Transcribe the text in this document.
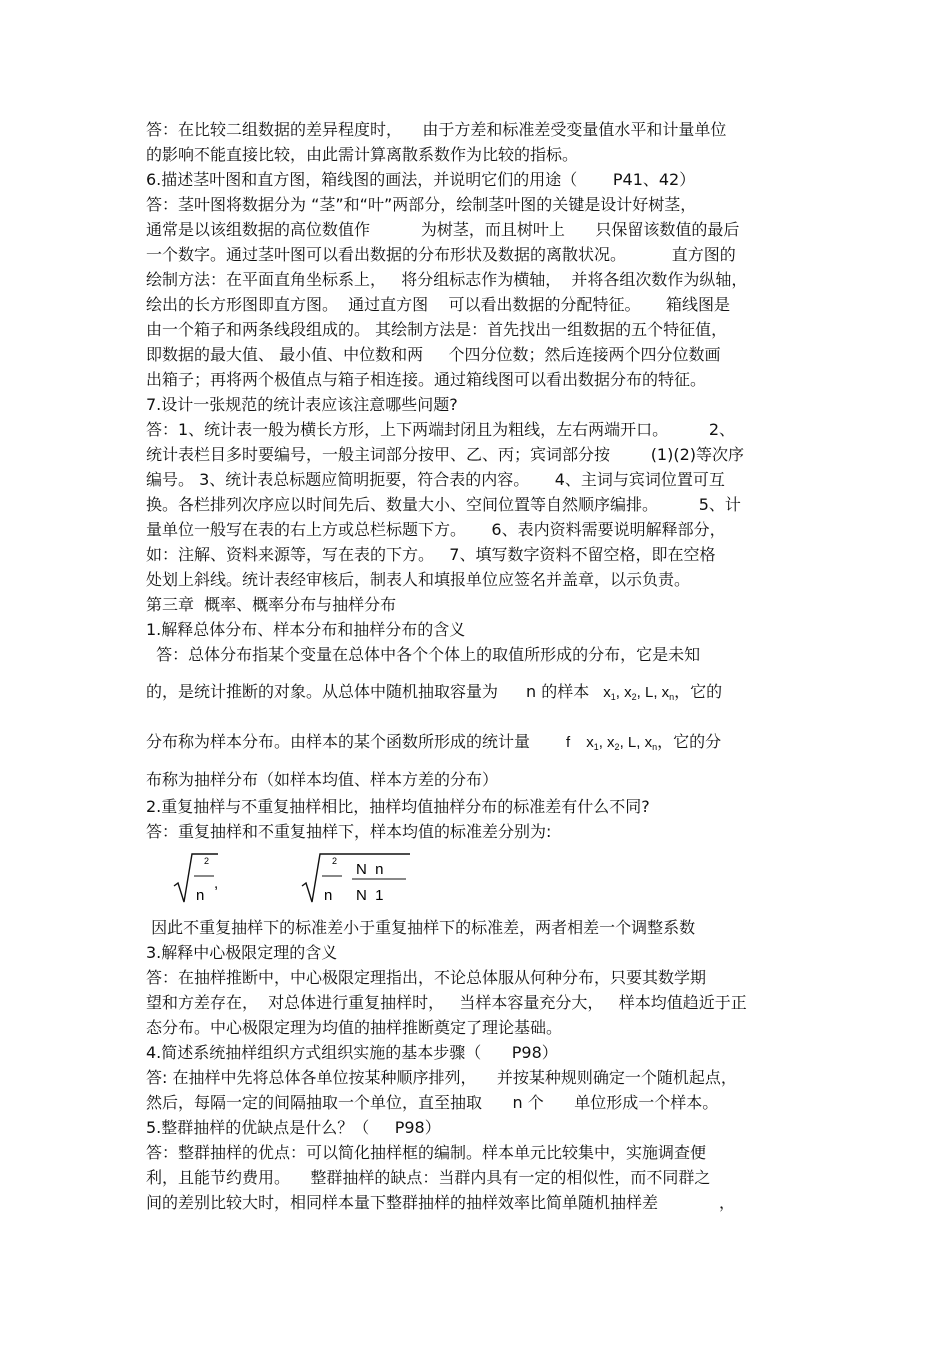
答：在比较二组数据的差异程度时，    由于方差和标准差受变量值水平和计量单位
的影响不能直接比较，由此需计算离散系数作为比较的指标。
6.描述茎叶图和直方图，箱线图的画法，并说明它们的用途（       P41、42）
答：茎叶图将数据分为 “茎”和“叶”两部分，绘制茎叶图的关键是设计好树茎，
通常是以该组数据的高位数值作          为树茎，而且树叶上      只保留该数值的最后
一个数字。通过茎叶图可以看出数据的分布形状及数据的离散状况。         直方图的
绘制方法：在平面直角坐标系上，   将分组标志作为横轴，  并将各组次数作为纵轴，
绘出的长方形图即直方图。  通过直方图    可以看出数据的分配特征。     箱线图是
由一个箱子和两条线段组成的。 其绘制方法是：首先找出一组数据的五个特征值，
即数据的最大值、 最小值、中位数和两     个四分位数；然后连接两个四分位数画
出箱子；再将两个极值点与箱子相连接。通过箱线图可以看出数据分布的特征。
7.设计一张规范的统计表应该注意哪些问题?
答：1、统计表一般为横长方形，上下两端封闭且为粗线，左右两端开口。        2、
统计表栏目多时要编号，一般主词部分按甲、乙、丙；宾词部分按        (1)(2)等次序
编号。 3、统计表总标题应简明扼要，符合表的内容。     4、主词与宾词位置可互
换。各栏排列次序应以时间先后、数量大小、空间位置等自然顺序编排。        5、计
量单位一般写在表的右上方或总栏标题下方。     6、表内资料需要说明解释部分，
如：注解、资料来源等，写在表的下方。   7、填写数字资料不留空格，即在空格
处划上斜线。统计表经审核后，制表人和填报单位应签名并盖章，以示负责。
第三章  概率、概率分布与抽样分布
1.解释总体分布、样本分布和抽样分布的含义
答：总体分布指某个变量在总体中各个个体上的取值所形成的分布，它是未知
的，是统计推断的对象。从总体中随机抽取容量为 n 的样本 $x_1$, $x_2$, L, $x_n$，它的
分布称为样本分布。由样本的某个函数所形成的统计量 f $x_1$, $x_2$, L, $x_n$，它的分
布称为抽样分布（如样本均值、样本方差的分布）
2.重复抽样与不重复抽样相比，抽样均值抽样分布的标准差有什么不同?
答：重复抽样和不重复抽样下，样本均值的标准差分别为:
2
n
,
2
n
N  n
N  1
因此不重复抽样下的标准差小于重复抽样下的标准差，两者相差一个调整系数
3.解释中心极限定理的含义
答：在抽样推断中，中心极限定理指出，不论总体服从何种分布，只要其数学期
望和方差存在，  对总体进行重复抽样时，   当样本容量充分大，   样本均值趋近于正
态分布。中心极限定理为均值的抽样推断奠定了理论基础。
4.简述系统抽样组织方式组织实施的基本步骤（      P98）
答: 在抽样中先将总体各单位按某种顺序排列，    并按某种规则确定一个随机起点，
然后，每隔一定的间隔抽取一个单位，直至抽取      n 个      单位形成一个样本。
5.整群抽样的优缺点是什么？（     P98）
答：整群抽样的优点：可以简化抽样框的编制。样本单元比较集中，实施调查便
利，且能节约费用。    整群抽样的缺点：当群内具有一定的相似性，而不同群之
间的差别比较大时，相同样本量下整群抽样的抽样效率比简单随机抽样差            ，
